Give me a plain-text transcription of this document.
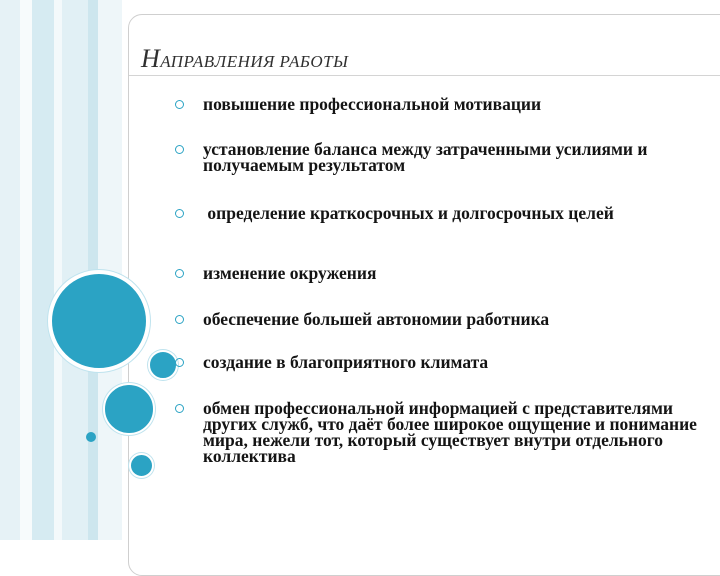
НАПРАВЛЕНИЯ РАБОТЫ
повышение профессиональной мотивации
установление баланса между затраченными усилиями и получаемым результатом
определение краткосрочных и долгосрочных целей
изменение окружения
обеспечение большей автономии работника
создание в благоприятного климата
обмен профессиональной информацией с представителями других служб, что даёт более широкое ощущение и понимание мира, нежели тот, который существует внутри отдельного коллектива
